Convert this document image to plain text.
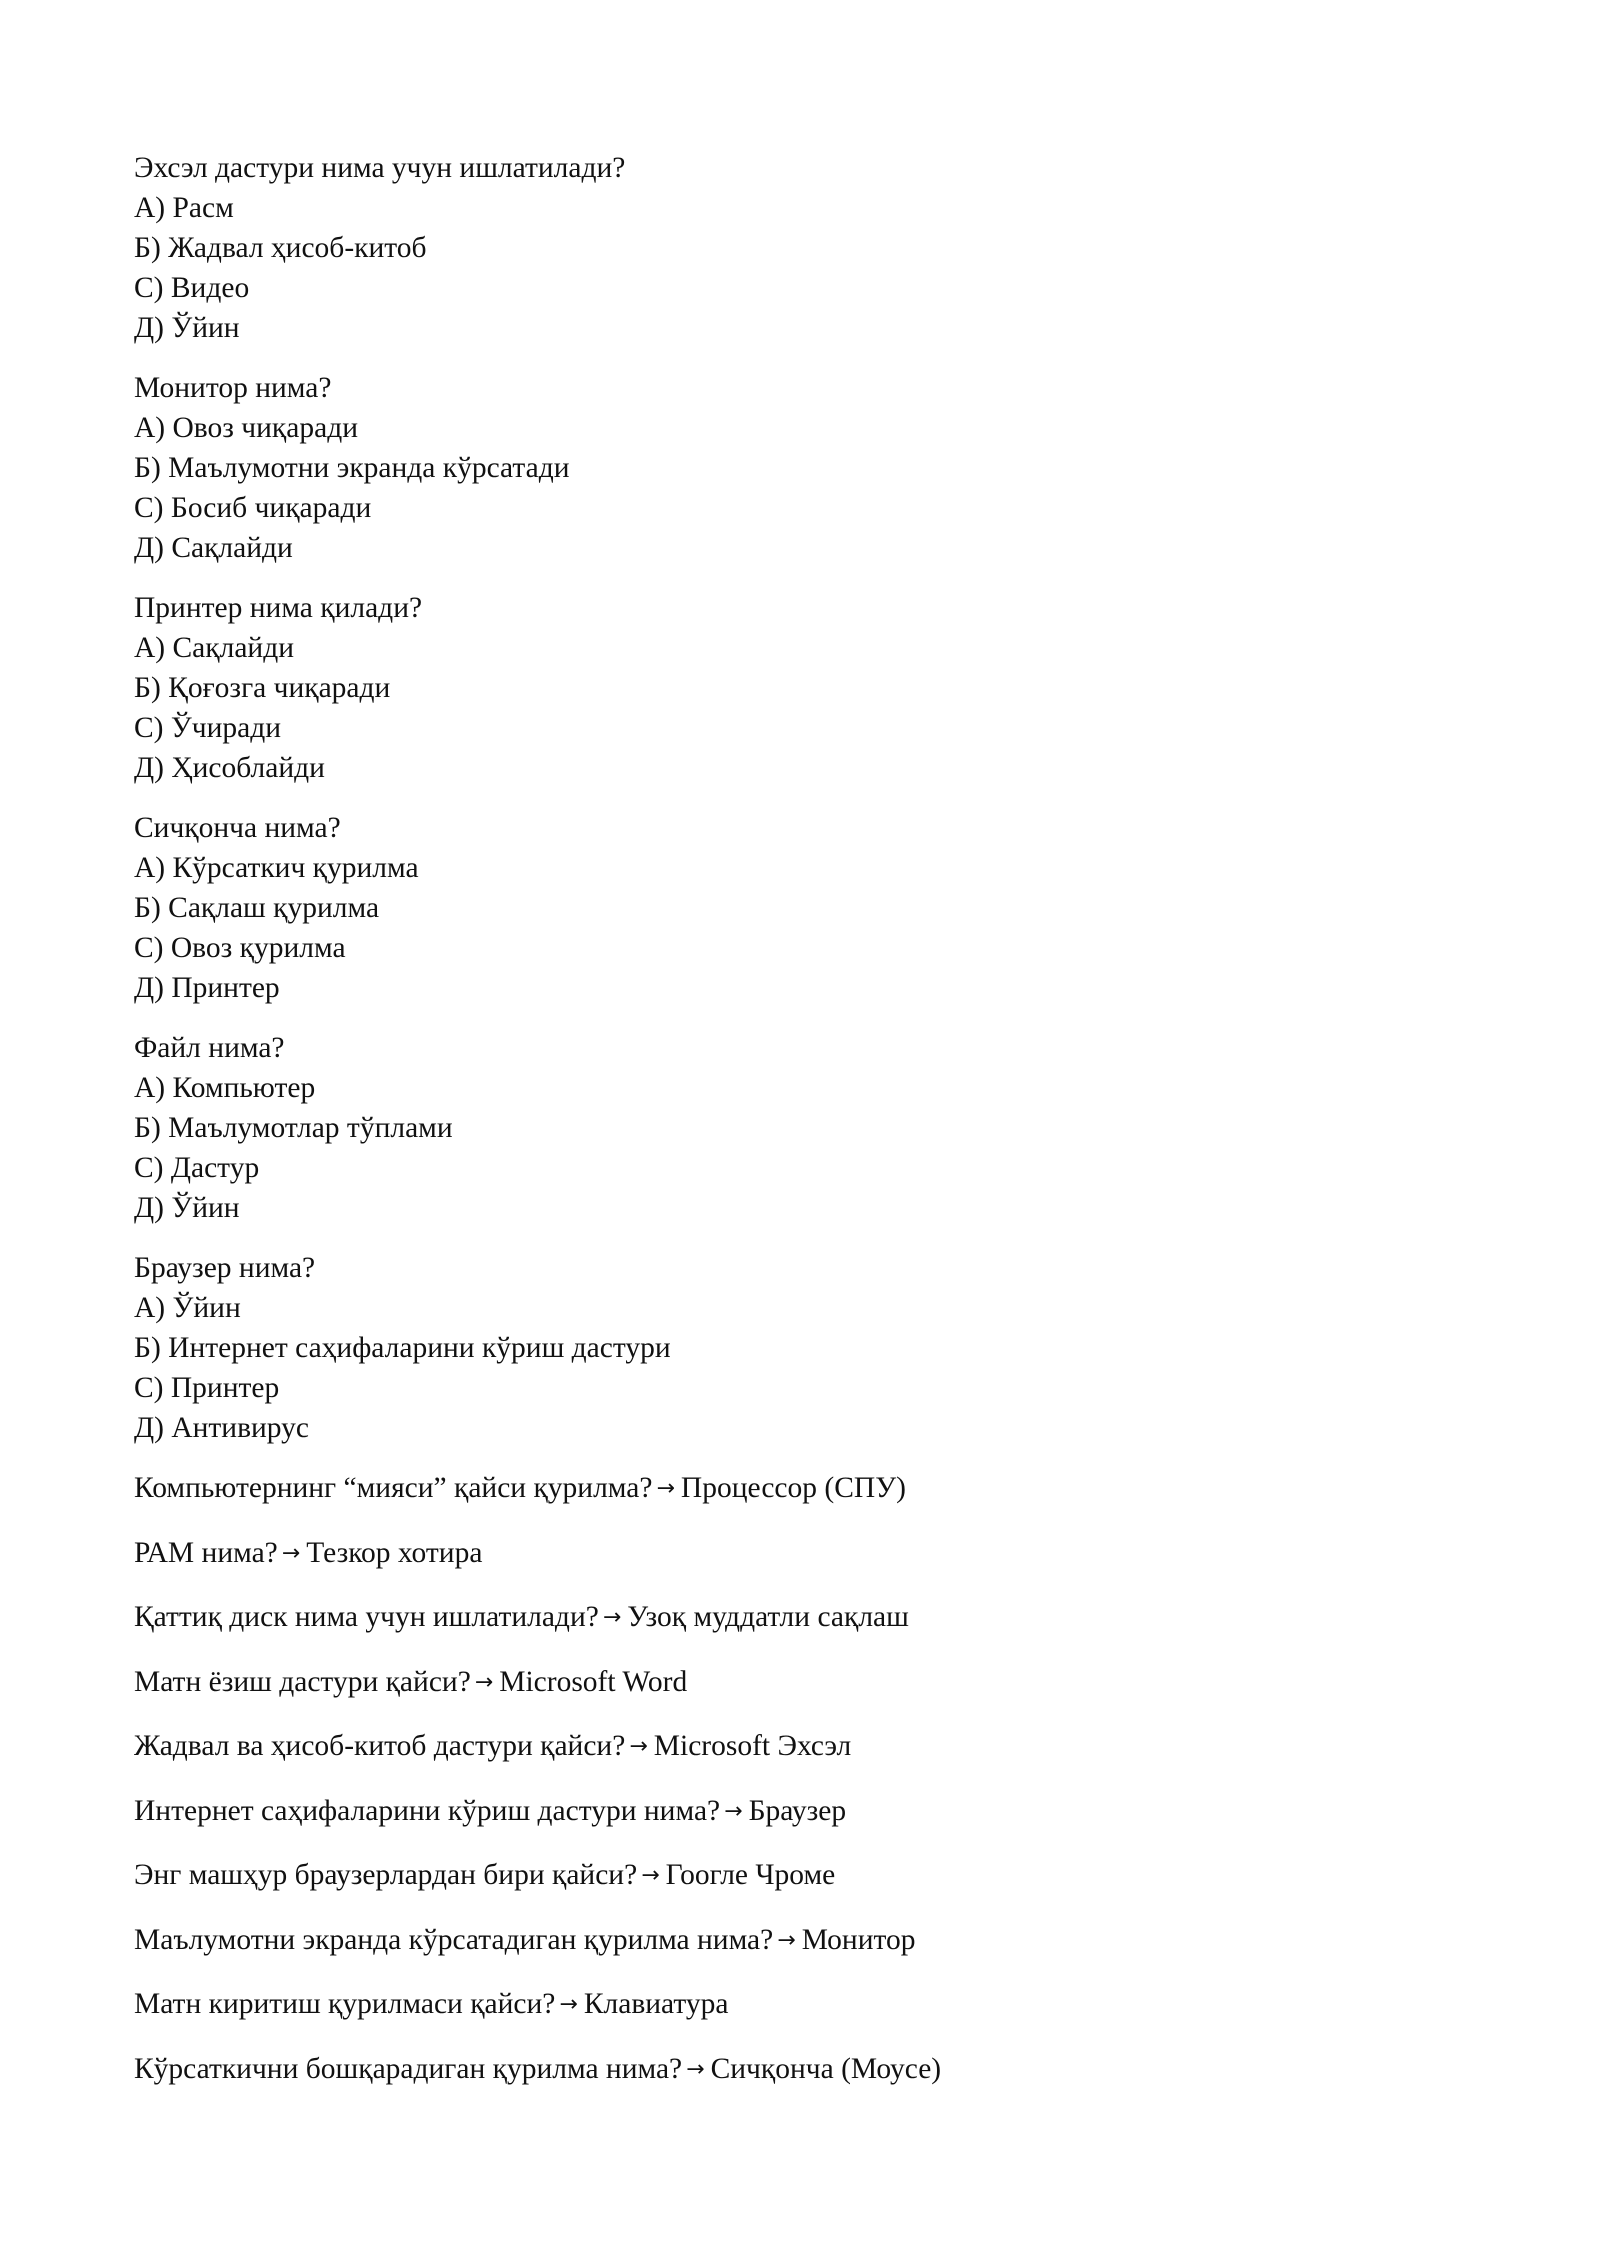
Эхсэл дастури нима учун ишлатилади?

А) Расм

Б) Жадвал ҳисоб-китоб

С) Видео

Д) Ўйин

Монитор нима?

А) Овоз чиқаради

Б) Маълумотни экранда кўрсатади

С) Босиб чиқаради

Д) Сақлайди

Принтер нима қилади?

А) Сақлайди

Б) Қоғозга чиқаради

С) Ўчиради

Д) Ҳисоблайди

Сичқонча нима?

А) Кўрсаткич қурилма

Б) Сақлаш қурилма

С) Овоз қурилма

Д) Принтер

Файл нима?

А) Компьютер

Б) Маълумотлар тўплами

С) Дастур

Д) Ўйин

Браузер нима?

А) Ўйин

Б) Интернет саҳифаларини кўриш дастури

С) Принтер

Д) Антивирус

Компьютернинг “мияси” қайси қурилма? → Процессор (СПУ)

РАМ нима? → Тезкор хотира

Қаттиқ диск нима учун ишлатилади? → Узоқ муддатли сақлаш

Матн ёзиш дастури қайси? → Microsoft Word

Жадвал ва ҳисоб-китоб дастури қайси? → Microsoft Эхсэл

Интернет саҳифаларини кўриш дастури нима? → Браузер

Энг машҳур браузерлардан бири қайси? → Гоогле Чроме

Маълумотни экранда кўрсатадиган қурилма нима? → Монитор

Матн киритиш қурилмаси қайси? → Клавиатура

Кўрсаткични бошқарадиган қурилма нима? → Сичқонча (Моусе)
